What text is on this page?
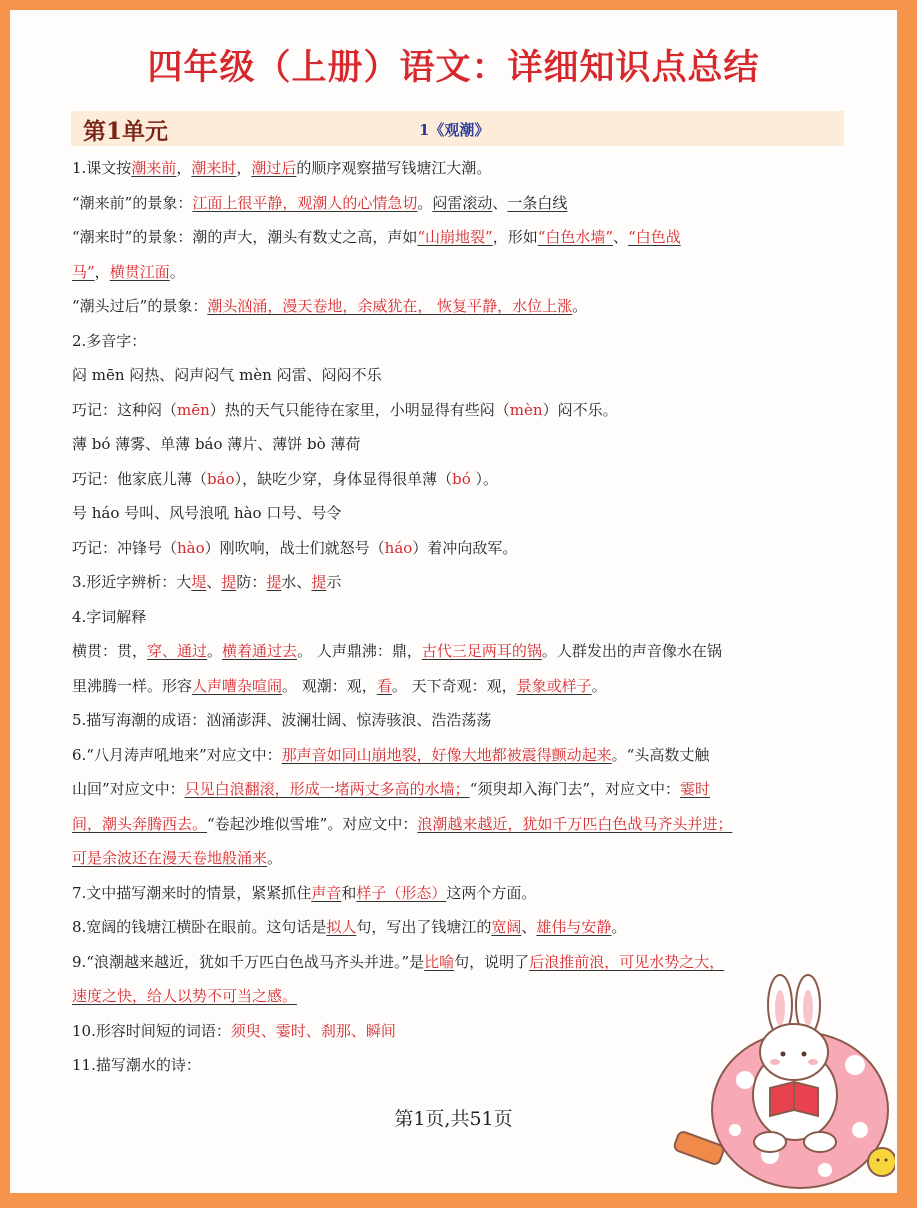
四年级（上册）语文：详细知识点总结
第1单元	1《观潮》
1.课文按潮来前，潮来时，潮过后的顺序观察描写钱塘江大潮。
“潮来前”的景象：江面上很平静，观潮人的心情急切。闷雷滚动、一条白线
“潮来时”的景象：潮的声大，潮头有数丈之高，声如“山崩地裂”，形如“白色水墙”、“白色战
马”，横贯江面。
“潮头过后”的景象：潮头汹涌，漫天卷地，余威犹在， 恢复平静，水位上涨。
2.多音字：
闷 mēn 闷热、闷声闷气 mèn 闷雷、闷闷不乐
巧记：这种闷（mēn）热的天气只能待在家里，小明显得有些闷（mèn）闷不乐。
薄 bó 薄雾、单薄 báo 薄片、薄饼 bò 薄荷
巧记：他家底儿薄（báo），缺吃少穿，身体显得很单薄（bó ）。
号 háo 号叫、风号浪吼 hào 口号、号令
巧记：冲锋号（hào）刚吹响，战士们就怒号（háo）着冲向敌军。
3.形近字辨析：大堤、提防：提水、提示
4.字词解释
横贯：贯，穿、通过。横着通过去。 人声鼎沸：鼎，古代三足两耳的锅。人群发出的声音像水在锅
里沸腾一样。形容人声嘈杂喧闹。 观潮：观，看。 天下奇观：观，景象或样子。
5.描写海潮的成语：汹涌澎湃、波澜壮阔、惊涛骇浪、浩浩荡荡
6.“八月涛声吼地来”对应文中：那声音如同山崩地裂，好像大地都被震得颤动起来。“头高数丈触
山回”对应文中：只见白浪翻滚，形成一堵两丈多高的水墙；“须臾却入海门去”，对应文中：霎时
间，潮头奔腾西去。“卷起沙堆似雪堆”。对应文中：浪潮越来越近，犹如千万匹白色战马齐头并进；
可是余波还在漫天卷地般涌来。
7.文中描写潮来时的情景，紧紧抓住声音和样子（形态）这两个方面。
8.宽阔的钱塘江横卧在眼前。这句话是拟人句，写出了钱塘江的宽阔、雄伟与安静。
9.“浪潮越来越近，犹如千万匹白色战马齐头并进。”是比喻句，说明了后浪推前浪，可见水势之大，
速度之快，给人以势不可当之感。
10.形容时间短的词语：须臾、霎时、刹那、瞬间
11.描写潮水的诗：
第1页,共51页
